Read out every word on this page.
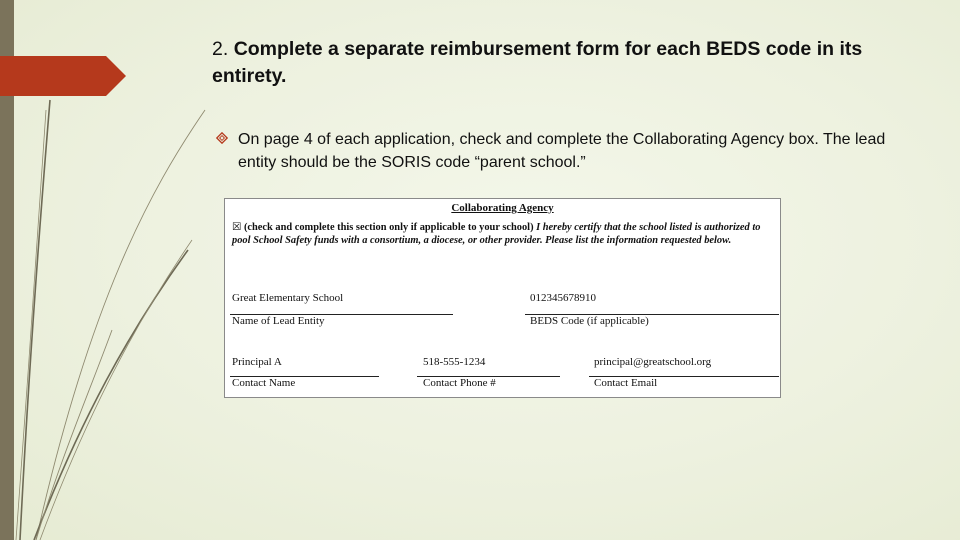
2. Complete a separate reimbursement form for each BEDS code in its entirety.

On page 4 of each application, check and complete the Collaborating Agency box. The lead entity should be the SORIS code “parent school.”

Collaborating Agency
☒ (check and complete this section only if applicable to your school) I hereby certify that the school listed is authorized to pool School Safety funds with a consortium, a diocese, or other provider. Please list the information requested below.
Great Elementary School
Name of Lead Entity
012345678910
BEDS Code (if applicable)
Principal A
Contact Name
518-555-1234
Contact Phone #
principal@greatschool.org
Contact Email
